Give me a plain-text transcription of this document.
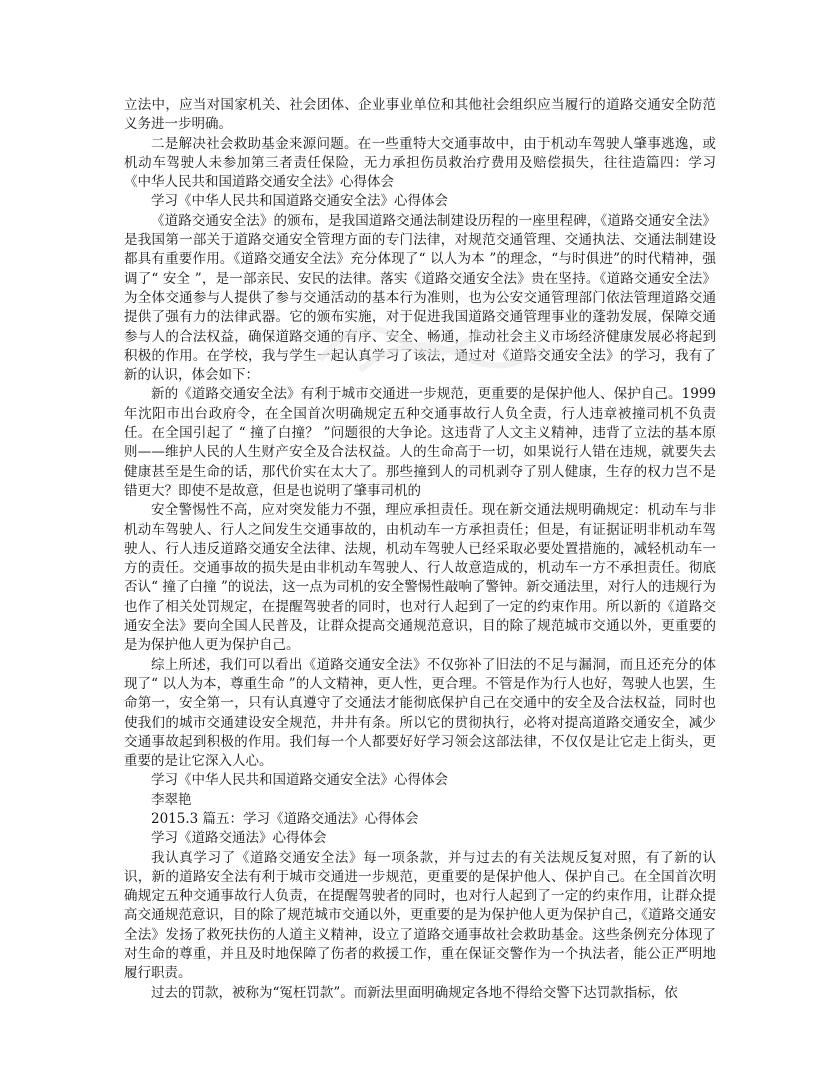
立法中，应当对国家机关、社会团体、企业事业单位和其他社会组织应当履行的道路交通安全防范义务进一步明确。

二是解决社会救助基金来源问题。在一些重特大交通事故中，由于机动车驾驶人肇事逃逸，或机动车驾驶人未参加第三者责任保险，无力承担伤员救治疗费用及赔偿损失，往往造篇四：学习《中华人民共和国道路交通安全法》心得体会

学习《中华人民共和国道路交通安全法》心得体会

《道路交通安全法》的颁布，是我国道路交通法制建设历程的一座里程碑，《道路交通安全法》是我国第一部关于道路交通安全管理方面的专门法律，对规范交通管理、交通执法、交通法制建设都具有重要作用。《道路交通安全法》充分体现了“ 以人为本 ”的理念，“与时俱进”的时代精神，强调了“ 安全 ”，是一部亲民、安民的法律。落实《道路交通安全法》贵在坚持。《道路交通安全法》为全体交通参与人提供了参与交通活动的基本行为准则，也为公安交通管理部门依法管理道路交通提供了强有力的法律武器。它的颁布实施，对于促进我国道路交通管理事业的蓬勃发展，保障交通参与人的合法权益，确保道路交通的有序、安全、畅通，推动社会主义市场经济健康发展必将起到积极的作用。在学校，我与学生一起认真学习了该法，通过对《道路交通安全法》的学习，我有了新的认识，体会如下：

新的《道路交通安全法》有利于城市交通进一步规范，更重要的是保护他人、保护自己。1999 年沈阳市出台政府令，在全国首次明确规定五种交通事故行人负全责，行人违章被撞司机不负责任。在全国引起了 “ 撞了白撞？ ”问题很的大争论。这违背了人文主义精神，违背了立法的基本原则——维护人民的人生财产安全及合法权益。人的生命高于一切，如果说行人错在违规，就要失去健康甚至是生命的话，那代价实在太大了。那些撞到人的司机剥夺了别人健康，生存的权力岂不是错更大？即使不是故意，但是也说明了肇事司机的

安全警惕性不高，应对突发能力不强，理应承担责任。现在新交通法规明确规定：机动车与非机动车驾驶人、行人之间发生交通事故的，由机动车一方承担责任；但是，有证据证明非机动车驾驶人、行人违反道路交通安全法律、法规，机动车驾驶人已经采取必要处置措施的，减轻机动车一方的责任。交通事故的损失是由非机动车驾驶人、行人故意造成的，机动车一方不承担责任。彻底否认“ 撞了白撞 ”的说法，这一点为司机的安全警惕性敲响了警钟。新交通法里，对行人的违规行为也作了相关处罚规定，在提醒驾驶者的同时，也对行人起到了一定的约束作用。所以新的《道路交通安全法》要向全国人民普及，让群众提高交通规范意识，目的除了规范城市交通以外，更重要的是为保护他人更为保护自己。

综上所述，我们可以看出《道路交通安全法》不仅弥补了旧法的不足与漏洞，而且还充分的体现了“ 以人为本，尊重生命 ”的人文精神，更人性，更合理。不管是作为行人也好，驾驶人也罢，生命第一，安全第一，只有认真遵守了交通法才能彻底保护自己在交通中的安全及合法权益，同时也使我们的城市交通建设安全规范，井井有条。所以它的贯彻执行，必将对提高道路交通安全，减少交通事故起到积极的作用。我们每一个人都要好好学习领会这部法律，不仅仅是让它走上街头，更重要的是让它深入人心。

学习《中华人民共和国道路交通安全法》心得体会

李翠艳

2015.3 篇五：学习《道路交通法》心得体会

学习《道路交通法》心得体会

我认真学习了《道路交通安全法》每一项条款，并与过去的有关法规反复对照，有了新的认识，新的道路安全法有利于城市交通进一步规范，更重要的是保护他人、保护自己。在全国首次明确规定五种交通事故行人负责，在提醒驾驶者的同时，也对行人起到了一定的约束作用，让群众提高交通规范意识，目的除了规范城市交通以外，更重要的是为保护他人更为保护自己，《道路交通安全法》发扬了救死扶伤的人道主义精神，设立了道路交通事故社会救助基金。这些条例充分体现了对生命的尊重，并且及时地保障了伤者的救援工作，重在保证交警作为一个执法者，能公正严明地履行职责。

过去的罚款，被称为“冤枉罚款”。而新法里面明确规定各地不得给交警下达罚款指标，依
